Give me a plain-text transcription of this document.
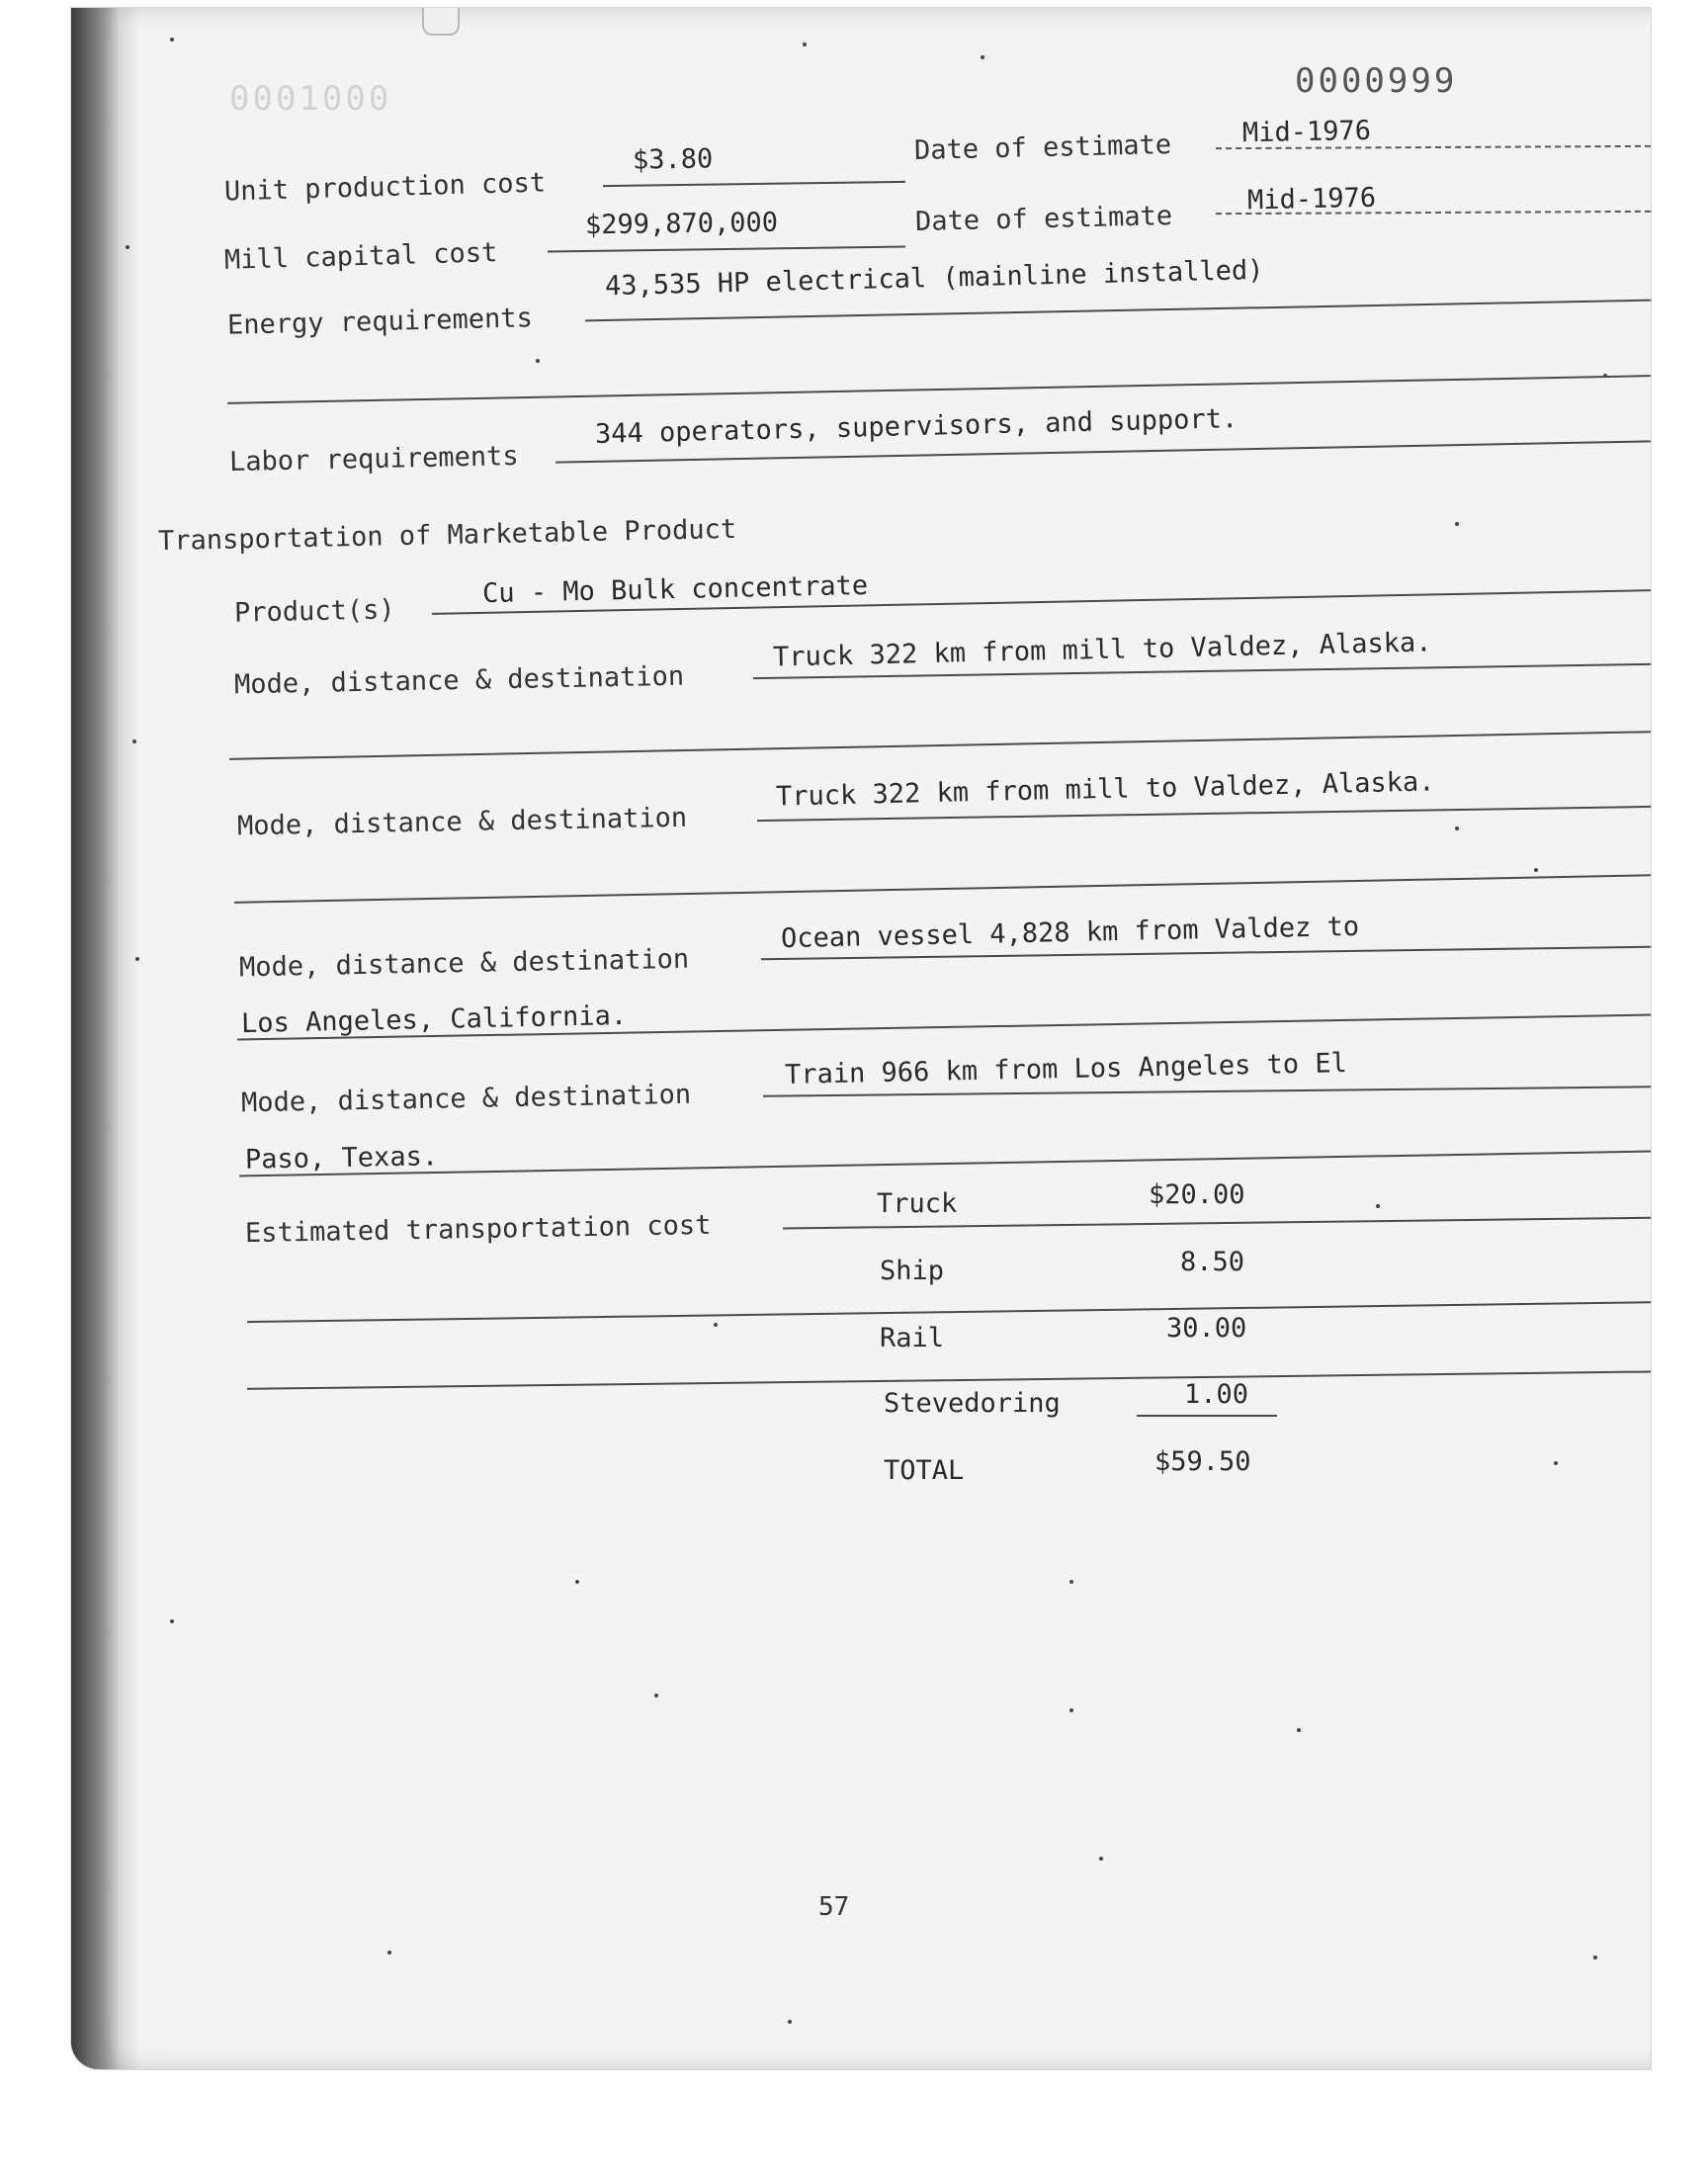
0001000	0000999
Unit production cost
$3.80	Date of estimate	Mid-1976
Mill capital cost
$299,870,000	Date of estimate
Mid-1976
Energy requirements
43,535 HP electrical (mainline installed)
Labor requirements
344 operators, supervisors, and support.
Transportation of Marketable Product
Product(s)
Cu - Mo Bulk concentrate
Mode, distance & destination
Truck 322 km from mill to Valdez, Alaska.
Mode, distance & destination
Truck 322 km from mill to Valdez, Alaska.
Mode, distance & destination
Ocean vessel 4,828 km from Valdez to
Los Angeles, California.
Mode, distance & destination
Train 966 km from Los Angeles to El
Paso, Texas.
Estimated transportation cost
Truck	$20.00
Ship	8.50
Rail	30.00
Stevedoring	1.00
TOTAL	$59.50
57
